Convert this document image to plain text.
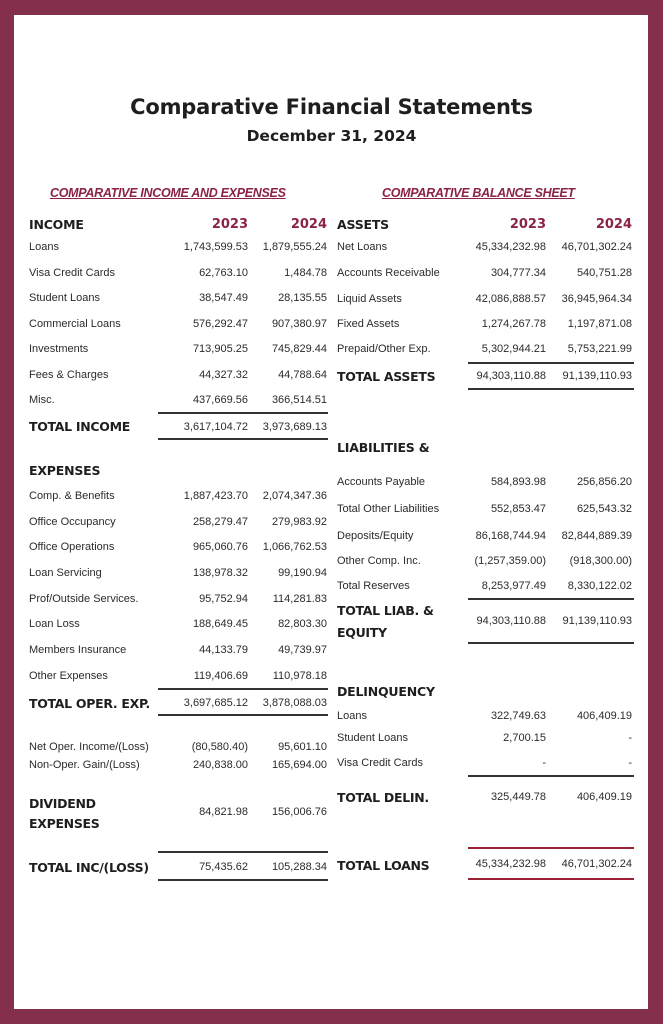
Comparative Financial Statements
December 31, 2024
COMPARATIVE INCOME AND EXPENSES	COMPARATIVE BALANCE SHEET
INCOME	2023	2024
Loans	1,743,599.53 1,879,555.24
Visa Credit Cards	62,763.10	1,484.78
Student Loans	38,547.49	28,135.55
Commercial Loans	576,292.47 907,380.97
Investments	713,905.25 745,829.44
Fees & Charges	44,327.32	44,788.64
Misc.	437,669.56 366,514.51
TOTAL INCOME	3,617,104.72 3,973,689.13
EXPENSES
Comp. & Benefits	1,887,423.70 2,074,347.36
Office Occupancy	258,279.47 279,983.92
Office Operations	965,060.76 1,066,762.53
Loan Servicing	138,978.32	99,190.94
Prof/Outside Services.	95,752.94 114,281.83
Loan Loss	188,649.45	82,803.30
Members Insurance	44,133.79	49,739.97
Other Expenses	119,406.69 110,978.18
TOTAL OPER. EXP.	3,697,685.12 3,878,088.03
Net Oper. Income/(Loss)	(80,580.40)	95,601.10
Non-Oper. Gain/(Loss)	240,838.00 165,694.00
DIVIDEND
EXPENSES
84,821.98 156,006.76
TOTAL INC/(LOSS)	75,435.62 105,288.34
ASSETS	2023	2024
Net Loans	45,334,232.98 46,701,302.24
Accounts Receivable	304,777.34	540,751.28
Liquid Assets	42,086,888.57 36,945,964.34
Fixed Assets	1,274,267.78 1,197,871.08
Prepaid/Other Exp.	5,302,944.21 5,753,221.99
TOTAL ASSETS	94,303,110.88 91,139,110.93
LIABILITIES &
Accounts Payable	584,893.98	256,856.20
Total Other Liabilities	552,853.47	625,543.32
Deposits/Equity	86,168,744.94 82,844,889.39
Other Comp. Inc.	(1,257,359.00) (918,300.00)
Total Reserves	8,253,977.49 8,330,122.02
TOTAL LIAB. &
EQUITY
94,303,110.88 91,139,110.93
DELINQUENCY
Loans	322,749.63	406,409.19
Student Loans	2,700.15	-
Visa Credit Cards	-	-
TOTAL DELIN.	325,449.78	406,409.19
TOTAL LOANS	45,334,232.98 46,701,302.24
